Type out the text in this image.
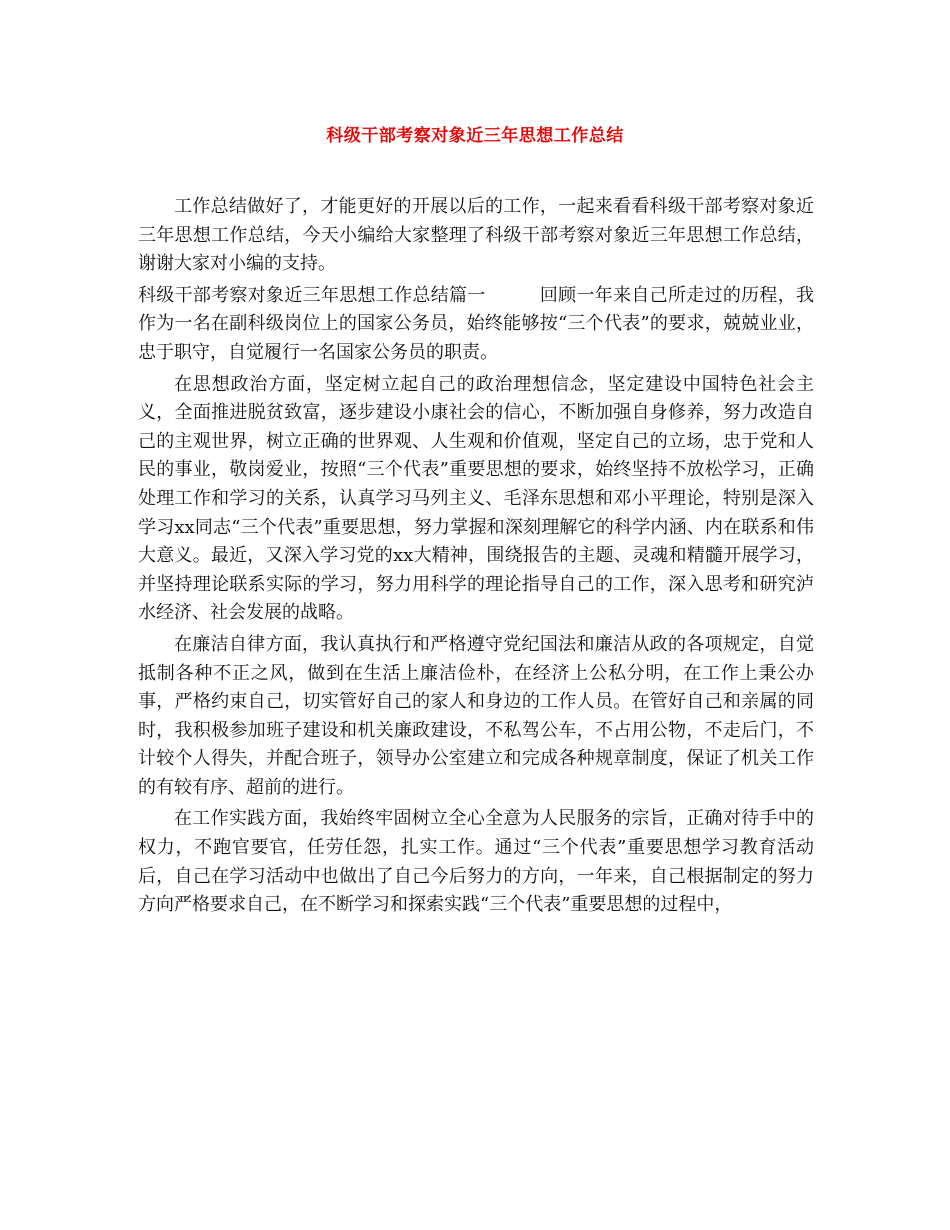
科级干部考察对象近三年思想工作总结

工作总结做好了，才能更好的开展以后的工作，一起来看看科级干部考察对象近三年思想工作总结，今天小编给大家整理了科级干部考察对象近三年思想工作总结，谢谢大家对小编的支持。

科级干部考察对象近三年思想工作总结篇一	回顾一年来自己所走过的历程，我作为一名在副科级岗位上的国家公务员，始终能够按“三个代表”的要求，兢兢业业，忠于职守，自觉履行一名国家公务员的职责。

在思想政治方面，坚定树立起自己的政治理想信念，坚定建设中国特色社会主义，全面推进脱贫致富，逐步建设小康社会的信心，不断加强自身修养，努力改造自己的主观世界，树立正确的世界观、人生观和价值观，坚定自己的立场，忠于党和人民的事业，敬岗爱业，按照“三个代表”重要思想的要求，始终坚持不放松学习，正确处理工作和学习的关系，认真学习马列主义、毛泽东思想和邓小平理论，特别是深入学习xx同志“三个代表”重要思想，努力掌握和深刻理解它的科学内涵、内在联系和伟大意义。最近，又深入学习党的xx大精神，围绕报告的主题、灵魂和精髓开展学习，并坚持理论联系实际的学习，努力用科学的理论指导自己的工作，深入思考和研究泸水经济、社会发展的战略。

在廉洁自律方面，我认真执行和严格遵守党纪国法和廉洁从政的各项规定，自觉抵制各种不正之风，做到在生活上廉洁俭朴，在经济上公私分明，在工作上秉公办事，严格约束自己，切实管好自己的家人和身边的工作人员。在管好自己和亲属的同时，我积极参加班子建设和机关廉政建设，不私驾公车，不占用公物，不走后门，不计较个人得失，并配合班子，领导办公室建立和完成各种规章制度，保证了机关工作的有较有序、超前的进行。

在工作实践方面，我始终牢固树立全心全意为人民服务的宗旨，正确对待手中的权力，不跑官要官，任劳任怨，扎实工作。通过“三个代表”重要思想学习教育活动后，自己在学习活动中也做出了自己今后努力的方向，一年来，自己根据制定的努力方向严格要求自己，在不断学习和探索实践“三个代表”重要思想的过程中，
